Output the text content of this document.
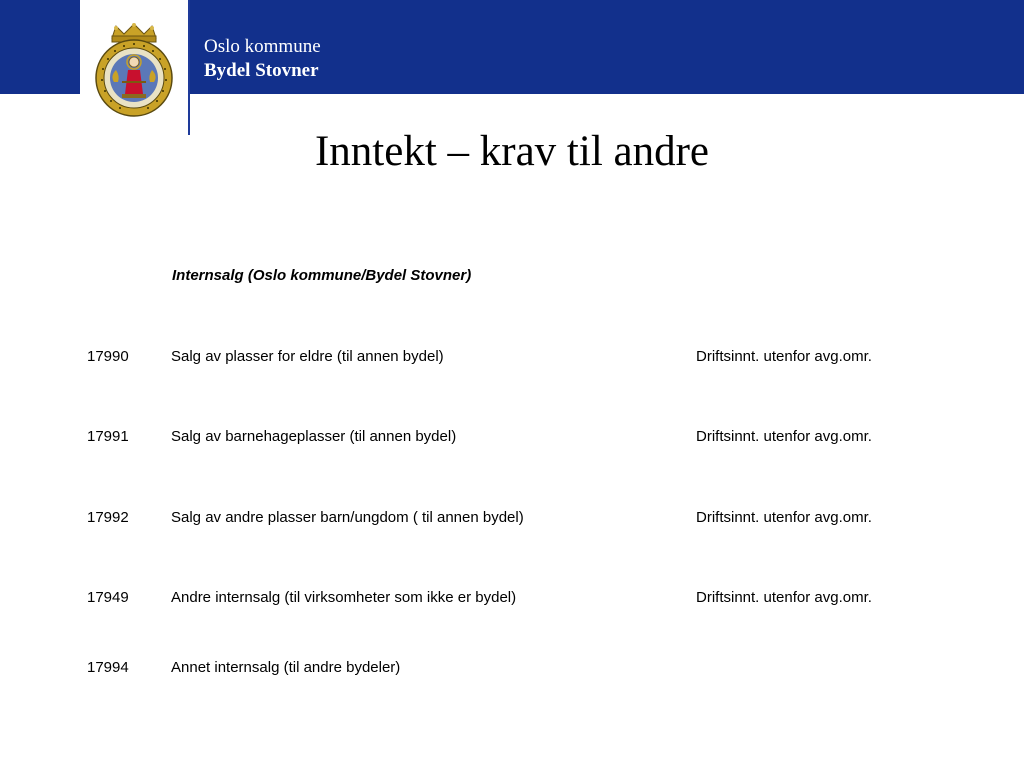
Oslo kommune
Bydel Stovner
Inntekt – krav til andre
Internsalg (Oslo kommune/Bydel Stovner)
17990	Salg av plasser for eldre (til annen bydel)	Driftsinnt. utenfor avg.omr.
17991	Salg av barnehageplasser (til annen bydel)	Driftsinnt. utenfor avg.omr.
17992	Salg av andre plasser barn/ungdom ( til annen bydel)	Driftsinnt. utenfor avg.omr.
17949	Andre internsalg (til virksomheter som ikke er bydel)	Driftsinnt. utenfor avg.omr.
17994	Annet internsalg (til andre bydeler)
